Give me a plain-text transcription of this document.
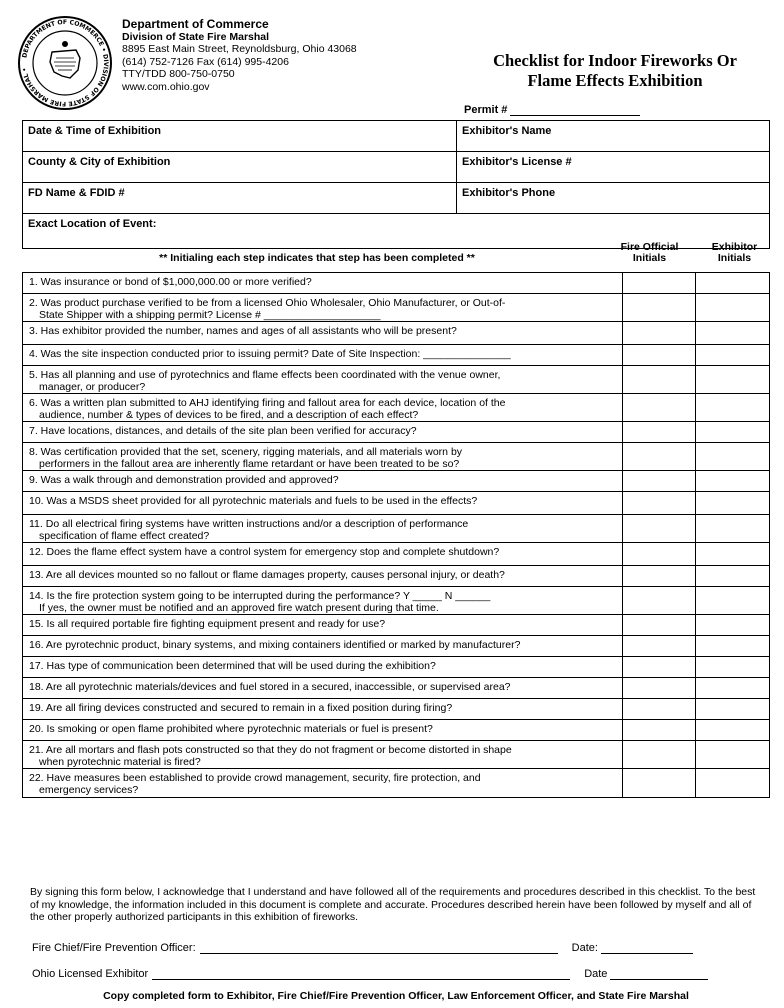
DEPARTMENT OF COMMERCE • DIVISION OF STATE FIRE MARSHAL •
Department of Commerce
Division of State Fire Marshal
8895 East Main Street, Reynoldsburg, Ohio 43068
(614) 752-7126 Fax (614) 995-4206
TTY/TDD 800-750-0750
www.com.ohio.gov
Checklist for Indoor Fireworks Or
Flame Effects Exhibition
Permit #
Date & Time of Exhibition	Exhibitor's Name
County & City of Exhibition	Exhibitor's License #
FD Name & FDID #	Exhibitor's Phone
Exact Location of Event:
** Initialing each step indicates that step has been completed **
Fire Official Initials
Exhibitor Initials
1. Was insurance or bond of $1,000,000.00 or more verified?
2. Was product purchase verified to be from a licensed Ohio Wholesaler, Ohio Manufacturer, or Out-of-
State Shipper with a shipping permit? License # ____________________
3. Has exhibitor provided the number, names and ages of all assistants who will be present?
4. Was the site inspection conducted prior to issuing permit? Date of Site Inspection: _______________
5. Has all planning and use of pyrotechnics and flame effects been coordinated with the venue owner,
manager, or producer?
6. Was a written plan submitted to AHJ identifying firing and fallout area for each device, location of the
audience, number & types of devices to be fired, and a description of each effect?
7. Have locations, distances, and details of the site plan been verified for accuracy?
8. Was certification provided that the set, scenery, rigging materials, and all materials worn by
performers in the fallout area are inherently flame retardant or have been treated to be so?
9. Was a walk through and demonstration provided and approved?
10. Was a MSDS sheet provided for all pyrotechnic materials and fuels to be used in the effects?
11. Do all electrical firing systems have written instructions and/or a description of performance
specification of flame effect created?
12. Does the flame effect system have a control system for emergency stop and complete shutdown?
13. Are all devices mounted so no fallout or flame damages property, causes personal injury, or death?
14. Is the fire protection system going to be interrupted during the performance? Y _____ N ______
If yes, the owner must be notified and an approved fire watch present during that time.
15. Is all required portable fire fighting equipment present and ready for use?
16. Are pyrotechnic product, binary systems, and mixing containers identified or marked by manufacturer?
17. Has type of communication been determined that will be used during the exhibition?
18. Are all pyrotechnic materials/devices and fuel stored in a secured, inaccessible, or supervised area?
19. Are all firing devices constructed and secured to remain in a fixed position during firing?
20. Is smoking or open flame prohibited where pyrotechnic materials or fuel is present?
21. Are all mortars and flash pots constructed so that they do not fragment or become distorted in shape
when pyrotechnic material is fired?
22. Have measures been established to provide crowd management, security, fire protection, and
emergency services?
By signing this form below, I acknowledge that I understand and have followed all of the requirements and procedures described in this checklist. To the best of my knowledge, the information included in this document is complete and accurate. Procedures described herein have been followed by myself and all of the other properly authorized participants in this exhibition of fireworks.
Fire Chief/Fire Prevention Officer:	Date:
Ohio Licensed Exhibitor	Date
Copy completed form to Exhibitor, Fire Chief/Fire Prevention Officer, Law Enforcement Officer, and State Fire Marshal
